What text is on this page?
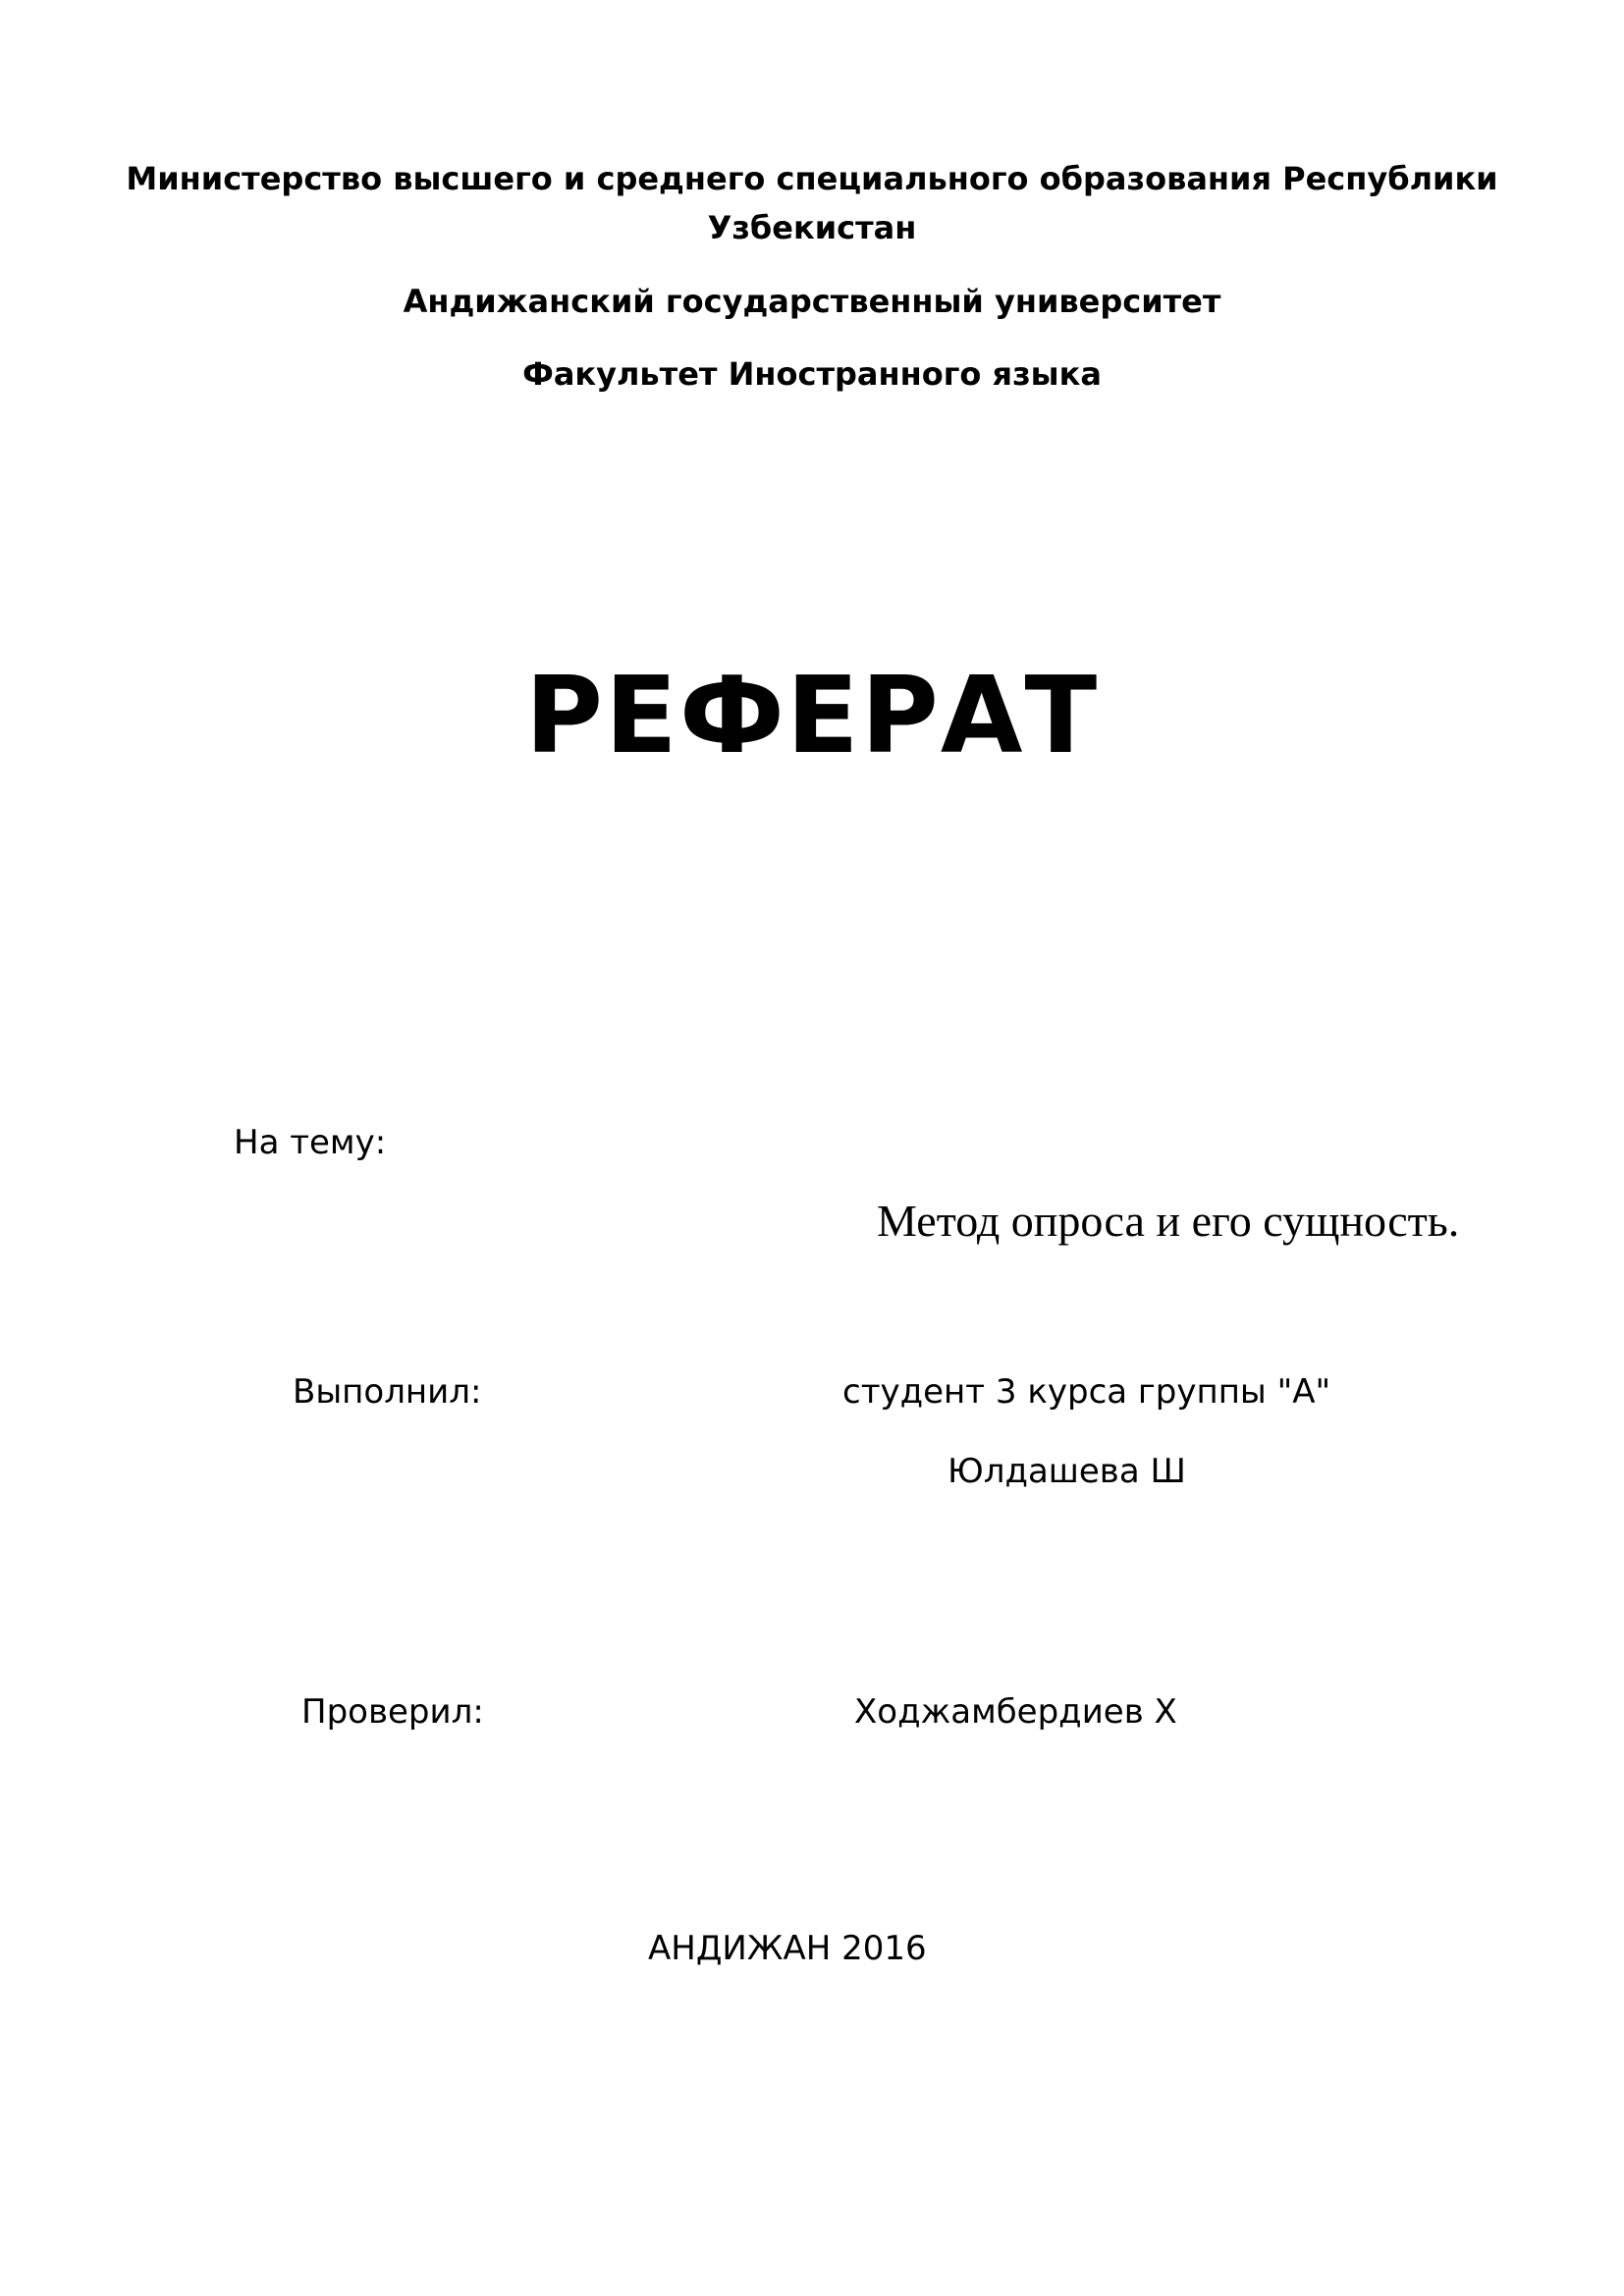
Министерство высшего и среднего специального образования Республики
Узбекистан
Андижанский государственный университет
Факультет Иностранного языка
РЕФЕРАТ
На тему:
Метод опроса и его сущность.
Выполнил:	студент 3 курса группы "А"
Юлдашева Ш
Проверил:	Ходжамбердиев Х
АНДИЖАН 2016
